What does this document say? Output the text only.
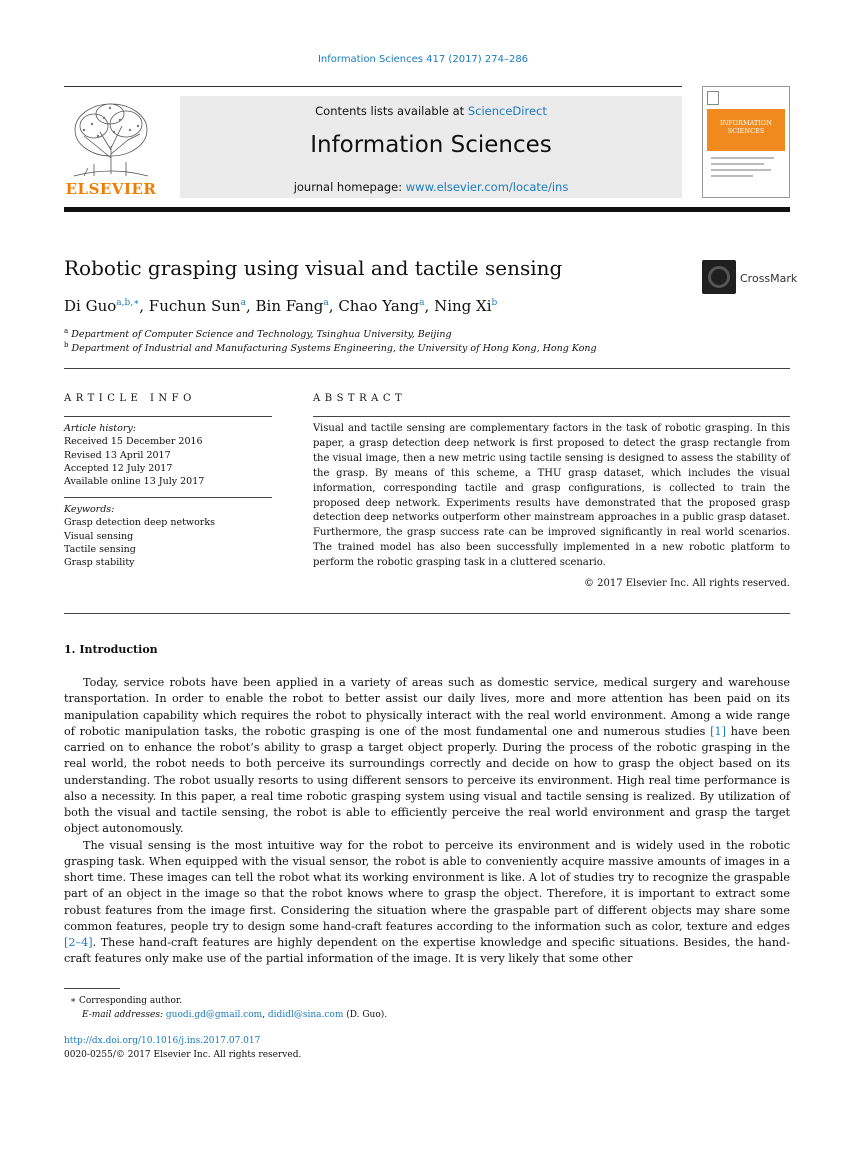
Information Sciences 417 (2017) 274–286
ELSEVIER
Contents lists available at ScienceDirect
Information Sciences
journal homepage: www.elsevier.com/locate/ins
INFORMATION SCIENCES
Robotic grasping using visual and tactile sensing	CrossMark
Di Guo$^{a,b,∗}$, Fuchun Sun$^a$, Bin Fang$^a$, Chao Yang$^a$, Ning Xi$^b$
$^a$ Department of Computer Science and Technology, Tsinghua University, Beijing
$^b$ Department of Industrial and Manufacturing Systems Engineering, the University of Hong Kong, Hong Kong
ARTICLE INFO	ABSTRACT
Article history:
Received 15 December 2016
Revised 13 April 2017
Accepted 12 July 2017
Available online 13 July 2017
Keywords:
Grasp detection deep networks
Visual sensing
Tactile sensing
Grasp stability
Visual and tactile sensing are complementary factors in the task of robotic grasping. In this paper, a grasp detection deep network is first proposed to detect the grasp rectangle from the visual image, then a new metric using tactile sensing is designed to assess the stability of the grasp. By means of this scheme, a THU grasp dataset, which includes the visual information, corresponding tactile and grasp configurations, is collected to train the proposed deep network. Experiments results have demonstrated that the proposed grasp detection deep networks outperform other mainstream approaches in a public grasp dataset. Furthermore, the grasp success rate can be improved significantly in real world scenarios. The trained model has also been successfully implemented in a new robotic platform to perform the robotic grasping task in a cluttered scenario.
© 2017 Elsevier Inc. All rights reserved.
1. Introduction

Today, service robots have been applied in a variety of areas such as domestic service, medical surgery and warehouse transportation. In order to enable the robot to better assist our daily lives, more and more attention has been paid on its manipulation capability which requires the robot to physically interact with the real world environment. Among a wide range of robotic manipulation tasks, the robotic grasping is one of the most fundamental one and numerous studies [1] have been carried on to enhance the robot’s ability to grasp a target object properly. During the process of the robotic grasping in the real world, the robot needs to both perceive its surroundings correctly and decide on how to grasp the object based on its understanding. The robot usually resorts to using different sensors to perceive its environment. High real time performance is also a necessity. In this paper, a real time robotic grasping system using visual and tactile sensing is realized. By utilization of both the visual and tactile sensing, the robot is able to efficiently perceive the real world environment and grasp the target object autonomously.

The visual sensing is the most intuitive way for the robot to perceive its environment and is widely used in the robotic grasping task. When equipped with the visual sensor, the robot is able to conveniently acquire massive amounts of images in a short time. These images can tell the robot what its working environment is like. A lot of studies try to recognize the graspable part of an object in the image so that the robot knows where to grasp the object. Therefore, it is important to extract some robust features from the image first. Considering the situation where the graspable part of different objects may share some common features, people try to design some hand-craft features according to the information such as color, texture and edges [2–4]. These hand-craft features are highly dependent on the expertise knowledge and specific situations. Besides, the hand-craft features only make use of the partial information of the image. It is very likely that some other

∗ Corresponding author.
E-mail addresses: guodi.gd@gmail.com, dididl@sina.com (D. Guo).
http://dx.doi.org/10.1016/j.ins.2017.07.017
0020-0255/© 2017 Elsevier Inc. All rights reserved.
